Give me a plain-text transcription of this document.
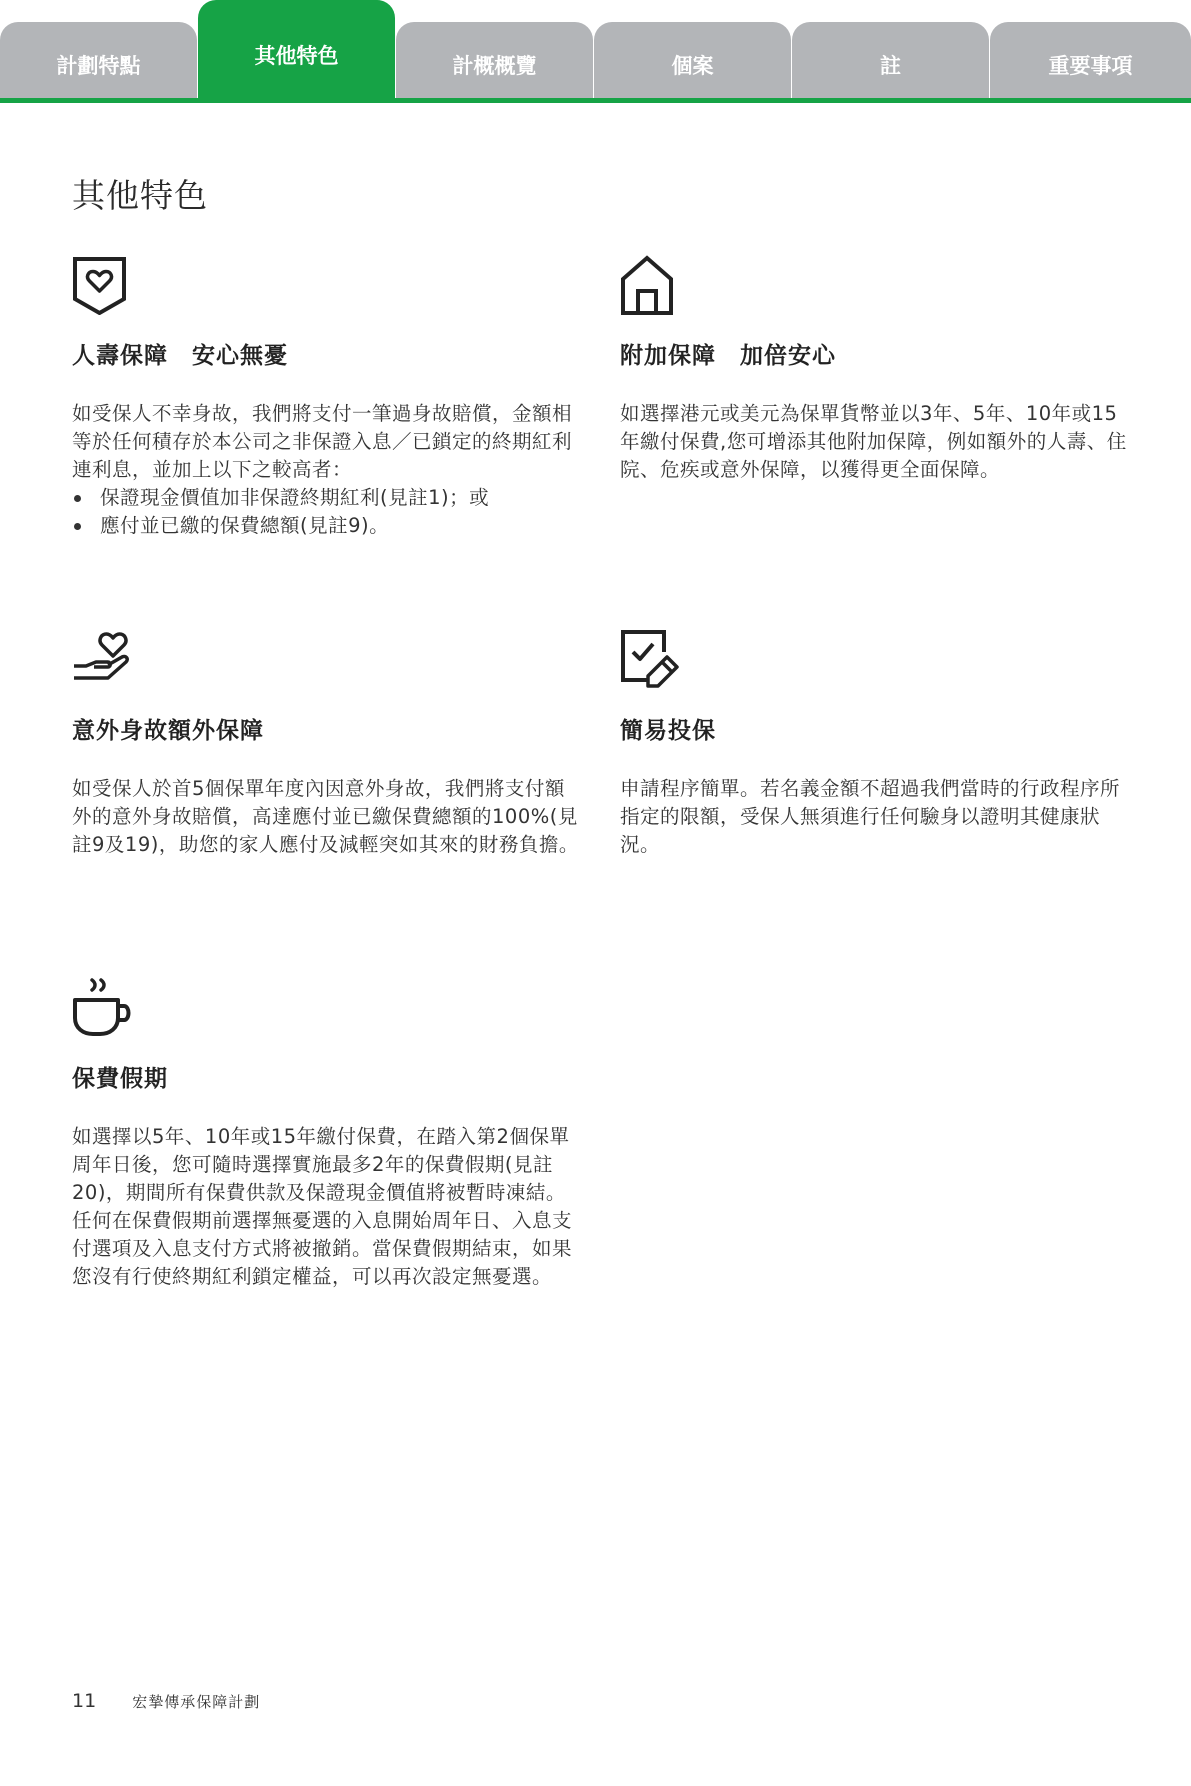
計劃特點	其他特色	計概概覽	個案	註	重要事項
其他特色
人壽保障　安心無憂

如受保人不幸身故，我們將支付一筆過身故賠償，金額相等於任何積存於本公司之非保證入息／已鎖定的終期紅利連利息，並加上以下之較高者：

保證現金價值加非保證終期紅利(見註1)；或
應付並已繳的保費總額(見註9)。
附加保障　加倍安心

如選擇港元或美元為保單貨幣並以3年、5年、10年或15年繳付保費,您可增添其他附加保障，例如額外的人壽、住院、危疾或意外保障，以獲得更全面保障。

意外身故額外保障

如受保人於首5個保單年度內因意外身故，我們將支付額外的意外身故賠償，高達應付並已繳保費總額的100%(見註9及19)，助您的家人應付及減輕突如其來的財務負擔。

簡易投保

申請程序簡單。若名義金額不超過我們當時的行政程序所指定的限額，受保人無須進行任何驗身以證明其健康狀況。

保費假期

如選擇以5年、10年或15年繳付保費，在踏入第2個保單周年日後，您可隨時選擇實施最多2年的保費假期(見註20)，期間所有保費供款及保證現金價值將被暫時凍結。任何在保費假期前選擇無憂選的入息開始周年日、入息支付選項及入息支付方式將被撤銷。當保費假期結束，如果您沒有行使終期紅利鎖定權益，可以再次設定無憂選。

11 宏摯傳承保障計劃
